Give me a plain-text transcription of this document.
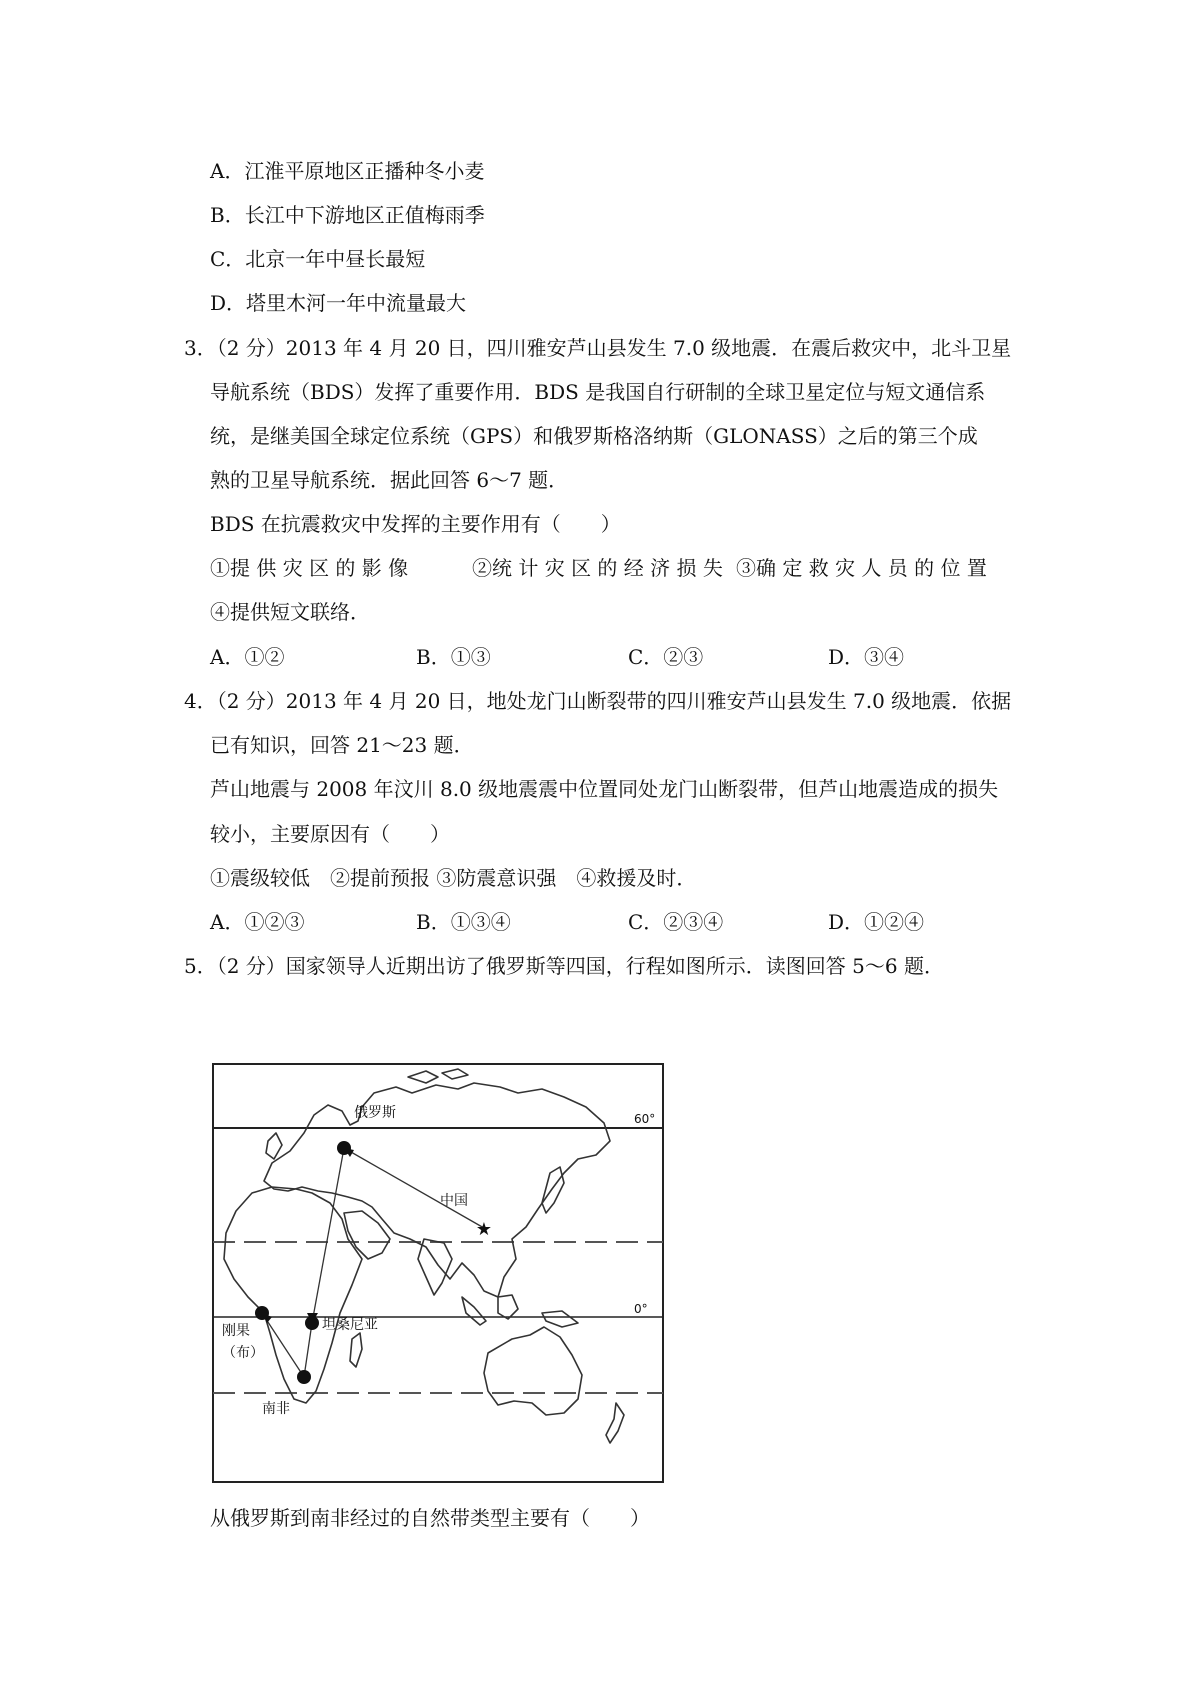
A．江淮平原地区正播种冬小麦
B．长江中下游地区正值梅雨季
C．北京一年中昼长最短
D．塔里木河一年中流量最大
3．（2 分）2013 年 4 月 20 日，四川雅安芦山县发生 7.0 级地震．在震后救灾中，北斗卫星
导航系统（BDS）发挥了重要作用．BDS 是我国自行研制的全球卫星定位与短文通信系
统，是继美国全球定位系统（GPS）和俄罗斯格洛纳斯（GLONASS）之后的第三个成
熟的卫星导航系统．据此回答 6～7 题．
BDS 在抗震救灾中发挥的主要作用有（　　）
①提 供 灾 区 的 影 像	②统 计 灾 区 的 经 济 损 失 ③确 定 救 灾 人 员 的 位 置
④提供短文联络．
A．①②	B．①③	C．②③	D．③④
4．（2 分）2013 年 4 月 20 日，地处龙门山断裂带的四川雅安芦山县发生 7.0 级地震．依据
已有知识，回答 21～23 题．
芦山地震与 2008 年汶川 8.0 级地震震中位置同处龙门山断裂带，但芦山地震造成的损失
较小，主要原因有（　　）
①震级较低　②提前预报 ③防震意识强　④救援及时．
A．①②③	B．①③④	C．②③④	D．①②④
5．（2 分）国家领导人近期出访了俄罗斯等四国，行程如图所示．读图回答 5～6 题．
★
俄罗斯
中国
刚果
（布）
坦桑尼亚
南非
60°
0°
从俄罗斯到南非经过的自然带类型主要有（　　）
